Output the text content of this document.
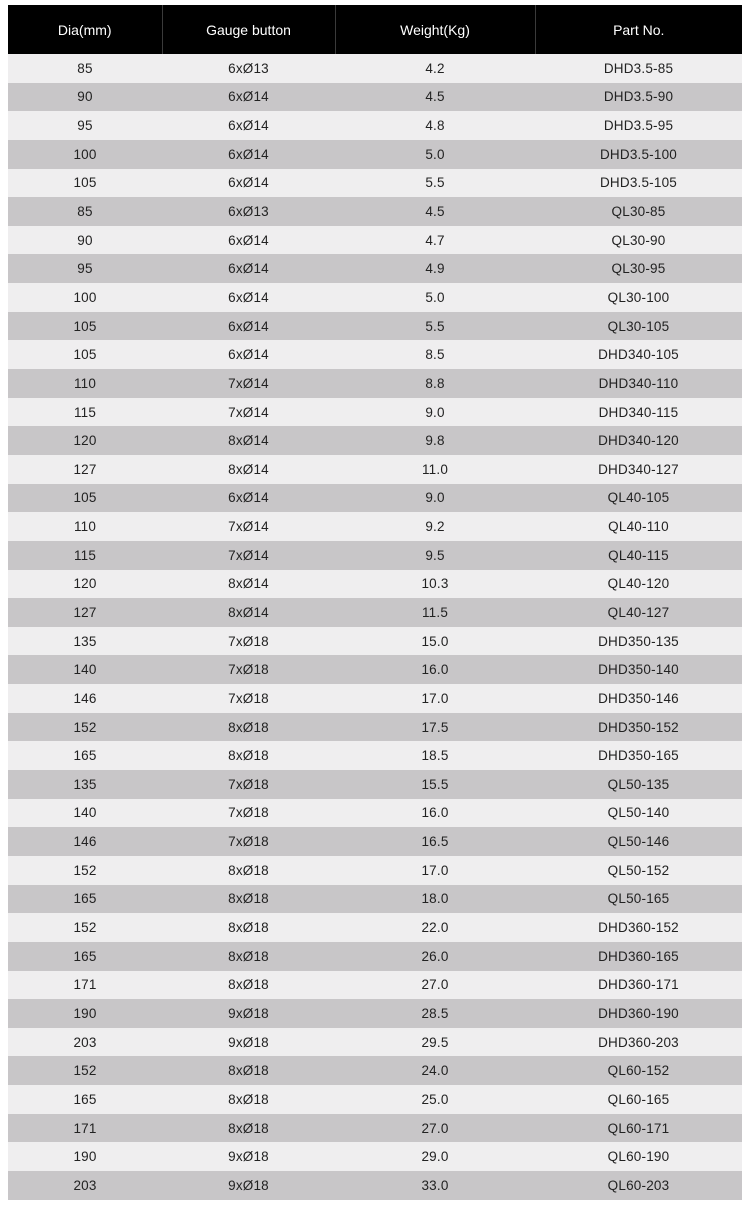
Dia(mm)	Gauge button	Weight(Kg)	Part No.
85	6xØ13	4.2	DHD3.5-85
90	6xØ14	4.5	DHD3.5-90
95	6xØ14	4.8	DHD3.5-95
100	6xØ14	5.0	DHD3.5-100
105	6xØ14	5.5	DHD3.5-105
85	6xØ13	4.5	QL30-85
90	6xØ14	4.7	QL30-90
95	6xØ14	4.9	QL30-95
100	6xØ14	5.0	QL30-100
105	6xØ14	5.5	QL30-105
105	6xØ14	8.5	DHD340-105
110	7xØ14	8.8	DHD340-110
115	7xØ14	9.0	DHD340-115
120	8xØ14	9.8	DHD340-120
127	8xØ14	11.0	DHD340-127
105	6xØ14	9.0	QL40-105
110	7xØ14	9.2	QL40-110
115	7xØ14	9.5	QL40-115
120	8xØ14	10.3	QL40-120
127	8xØ14	11.5	QL40-127
135	7xØ18	15.0	DHD350-135
140	7xØ18	16.0	DHD350-140
146	7xØ18	17.0	DHD350-146
152	8xØ18	17.5	DHD350-152
165	8xØ18	18.5	DHD350-165
135	7xØ18	15.5	QL50-135
140	7xØ18	16.0	QL50-140
146	7xØ18	16.5	QL50-146
152	8xØ18	17.0	QL50-152
165	8xØ18	18.0	QL50-165
152	8xØ18	22.0	DHD360-152
165	8xØ18	26.0	DHD360-165
171	8xØ18	27.0	DHD360-171
190	9xØ18	28.5	DHD360-190
203	9xØ18	29.5	DHD360-203
152	8xØ18	24.0	QL60-152
165	8xØ18	25.0	QL60-165
171	8xØ18	27.0	QL60-171
190	9xØ18	29.0	QL60-190
203	9xØ18	33.0	QL60-203
